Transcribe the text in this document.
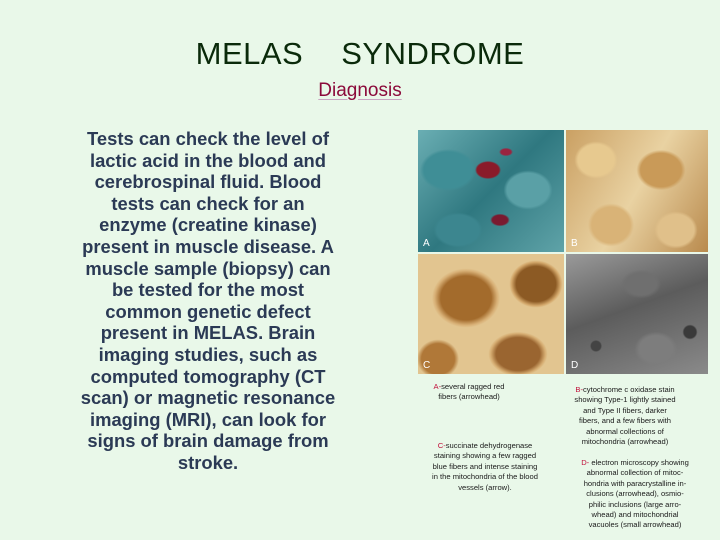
MELAS SYNDROME
Diagnosis
Tests can check the level of
lactic acid in the blood and
cerebrospinal fluid. Blood
tests can check for an
enzyme (creatine kinase)
present in muscle disease. A
muscle sample (biopsy) can
be tested for the most
common genetic defect
present in MELAS. Brain
imaging studies, such as
computed tomography (CT
scan) or magnetic resonance
imaging (MRI), can look for
signs of brain damage from
stroke.
A	B
C	D
A-several ragged red
fibers (arrowhead)
B-cytochrome c oxidase stain
showing Type-1 lightly stained
and Type II fibers, darker
fibers, and a few fibers with
abnormal collections of
mitochondria (arrowhead)
C-succinate dehydrogenase
staining showing a few ragged
blue fibers and intense staining
in the mitochondria of the blood
vessels (arrow).
D- electron microscopy showing
abnormal collection of mitoc-
hondria with paracrystalline in-
clusions (arrowhead), osmio-
philic inclusions (large arro-
whead) and mitochondrial
vacuoles (small arrowhead)
